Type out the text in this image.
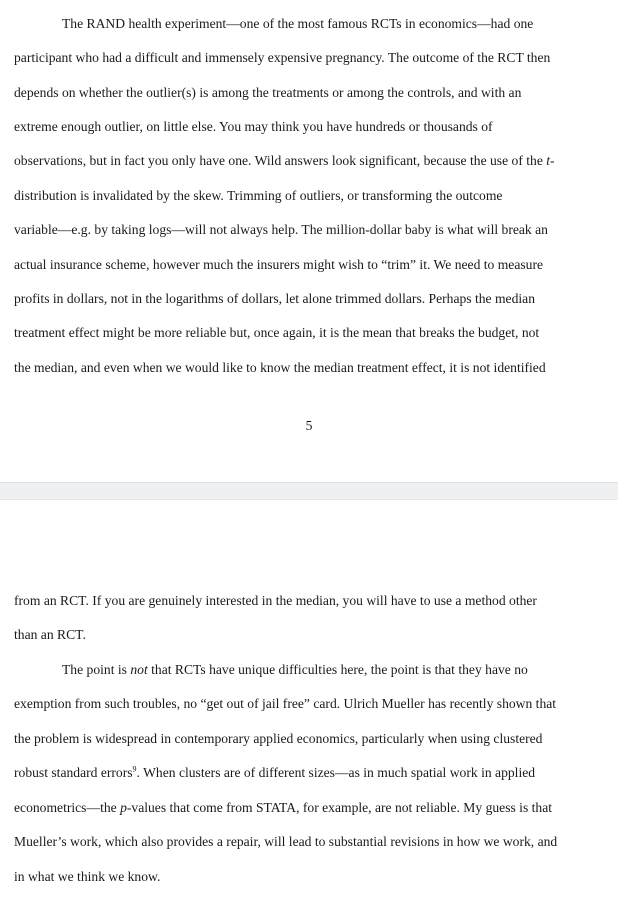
The RAND health experiment—one of the most famous RCTs in economics—had one
participant who had a difficult and immensely expensive pregnancy. The outcome of the RCT then
depends on whether the outlier(s) is among the treatments or among the controls, and with an
extreme enough outlier, on little else. You may think you have hundreds or thousands of
observations, but in fact you only have one. Wild answers look significant, because the use of the t-
distribution is invalidated by the skew. Trimming of outliers, or transforming the outcome
variable—e.g. by taking logs—will not always help. The million-dollar baby is what will break an
actual insurance scheme, however much the insurers might wish to “trim” it. We need to measure
profits in dollars, not in the logarithms of dollars, let alone trimmed dollars. Perhaps the median
treatment effect might be more reliable but, once again, it is the mean that breaks the budget, not
the median, and even when we would like to know the median treatment effect, it is not identified
5
from an RCT. If you are genuinely interested in the median, you will have to use a method other
than an RCT.
The point is not that RCTs have unique difficulties here, the point is that they have no
exemption from such troubles, no “get out of jail free” card. Ulrich Mueller has recently shown that
the problem is widespread in contemporary applied economics, particularly when using clustered
robust standard errors$^9$. When clusters are of different sizes—as in much spatial work in applied
econometrics—the p-values that come from STATA, for example, are not reliable. My guess is that
Mueller’s work, which also provides a repair, will lead to substantial revisions in how we work, and
in what we think we know.
